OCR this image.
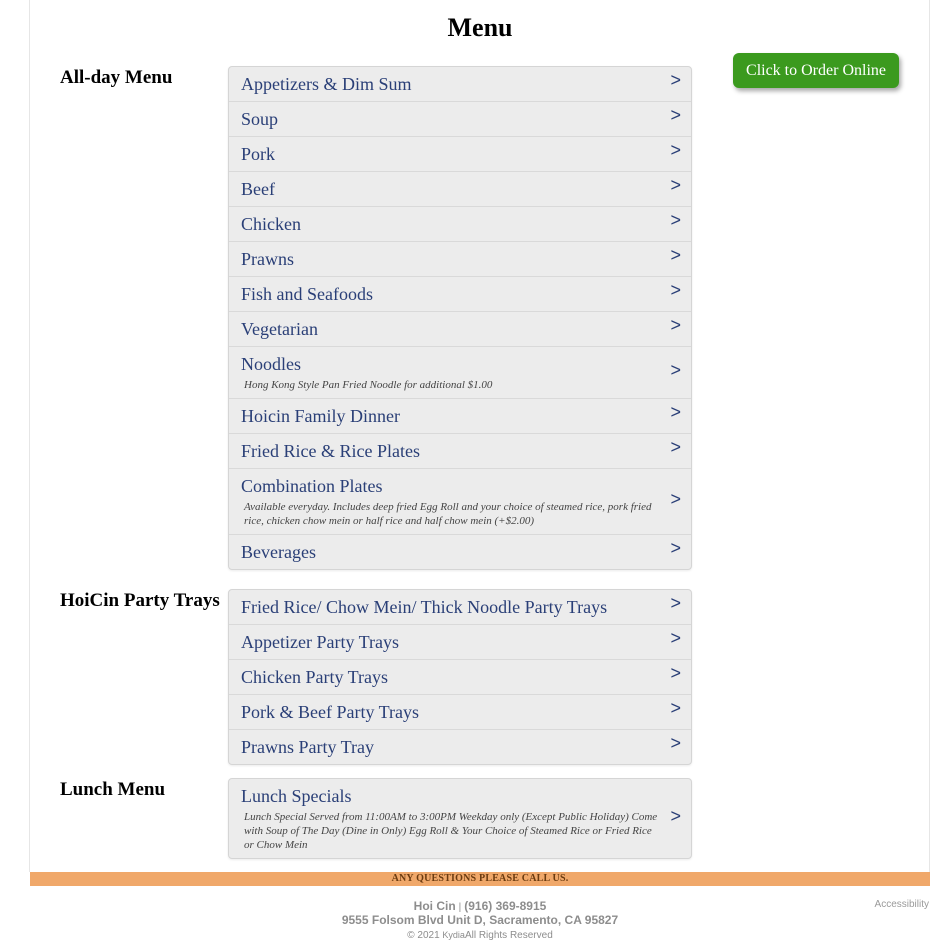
Menu
Click to Order Online
All-day Menu	Appetizers & Dim Sum	>
Soup	>
Pork	>
Beef	>
Chicken	>
Prawns	>
Fish and Seafoods	>
Vegetarian	>
Noodles
Hong Kong Style Pan Fried Noodle for additional $1.00
>
Hoicin Family Dinner	>
Fried Rice & Rice Plates	>
Combination Plates
Available everyday. Includes deep fried Egg Roll and your choice of steamed rice, pork fried rice, chicken chow mein or half rice and half chow mein (+$2.00)
>
Beverages	>
HoiCin Party Trays Fried Rice/ Chow Mein/ Thick Noodle Party Trays	>
Appetizer Party Trays	>
Chicken Party Trays	>
Pork & Beef Party Trays	>
Prawns Party Tray	>
Lunch Menu	Lunch Specials
Lunch Special Served from 11:00AM to 3:00PM Weekday only (Except Public Holiday) Come with Soup of The Day (Dine in Only) Egg Roll & Your Choice of Steamed Rice or Fried Rice or Chow Mein
>
ANY QUESTIONS PLEASE CALL US.
Hoi Cin | (916) 369-8915
9555 Folsom Blvd Unit D, Sacramento, CA 95827
© 2021 KydiaAll Rights Reserved
Accessibility
